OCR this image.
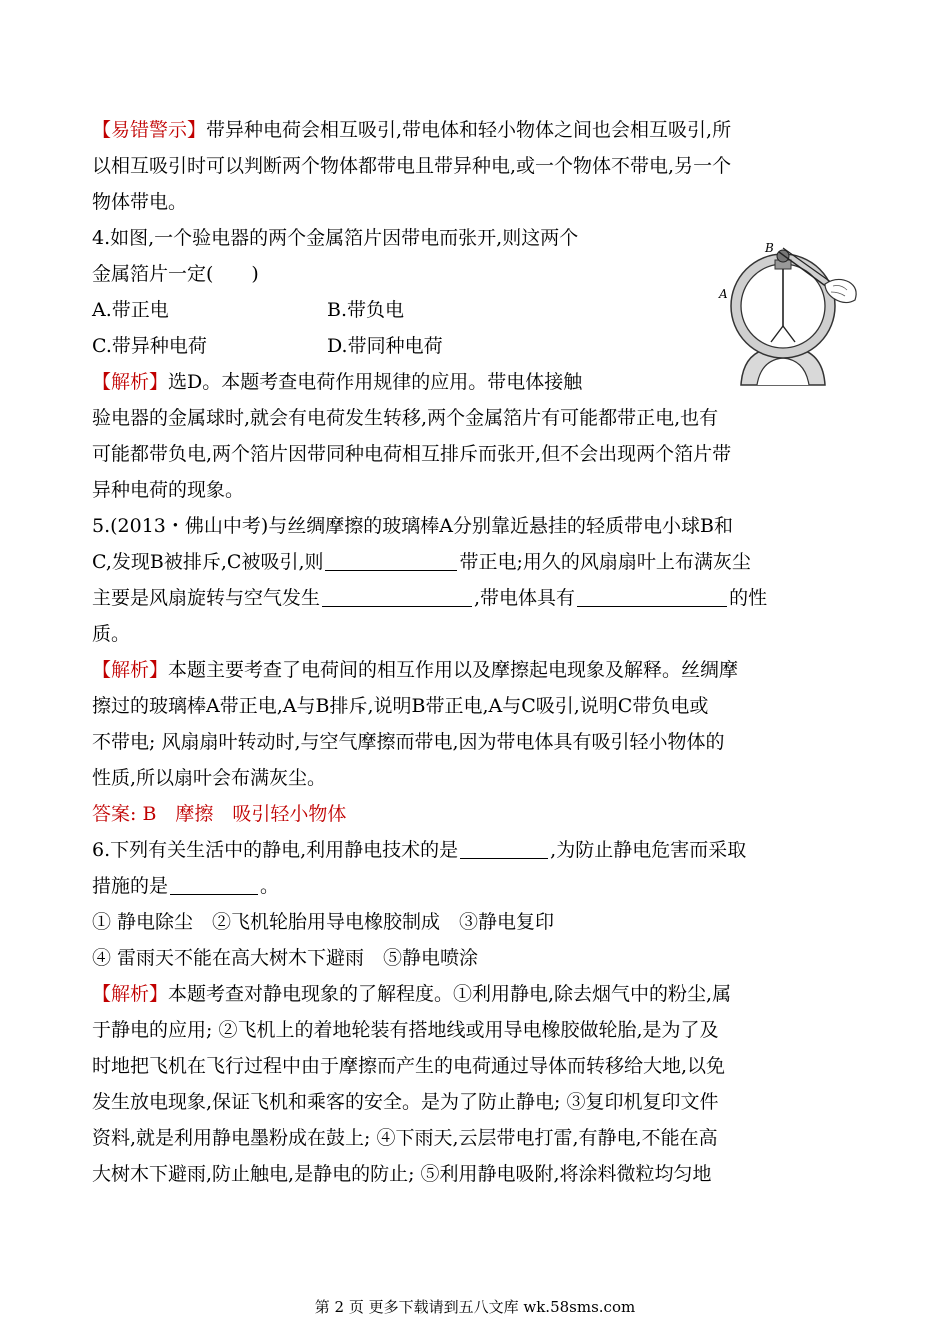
【易错警示】带异种电荷会相互吸引,带电体和轻小物体之间也会相互吸引,所
以相互吸引时可以判断两个物体都带电且带异种电,或一个物体不带电,另一个
物体带电。
4.如图,一个验电器的两个金属箔片因带电而张开,则这两个
金属箔片一定(　　)
A.带正电	B.带负电
C.带异种电荷	D.带同种电荷
【解析】选D。本题考查电荷作用规律的应用。带电体接触
验电器的金属球时,就会有电荷发生转移,两个金属箔片有可能都带正电,也有
可能都带负电,两个箔片因带同种电荷相互排斥而张开,但不会出现两个箔片带
异种电荷的现象。
5.(2013・佛山中考)与丝绸摩擦的玻璃棒A分别靠近悬挂的轻质带电小球B和
C,发现B被排斥,C被吸引,则	带正电;用久的风扇扇叶上布满灰尘
主要是风扇旋转与空气发生	,带电体具有	的性
质。
【解析】本题主要考查了电荷间的相互作用以及摩擦起电现象及解释。丝绸摩
擦过的玻璃棒A带正电,A与B排斥,说明B带正电,A与C吸引,说明C带负电或
不带电; 风扇扇叶转动时,与空气摩擦而带电,因为带电体具有吸引轻小物体的
性质,所以扇叶会布满灰尘。
答案: B　摩擦　吸引轻小物体
6.下列有关生活中的静电,利用静电技术的是	,为防止静电危害而采取
措施的是	。
① 静电除尘　②飞机轮胎用导电橡胶制成　③静电复印
④ 雷雨天不能在高大树木下避雨　⑤静电喷涂
【解析】本题考查对静电现象的了解程度。①利用静电,除去烟气中的粉尘,属
于静电的应用; ②飞机上的着地轮装有搭地线或用导电橡胶做轮胎,是为了及
时地把飞机在飞行过程中由于摩擦而产生的电荷通过导体而转移给大地,以免
发生放电现象,保证飞机和乘客的安全。是为了防止静电; ③复印机复印文件
资料,就是利用静电墨粉成在鼓上; ④下雨天,云层带电打雷,有静电,不能在高
大树木下避雨,防止触电,是静电的防止; ⑤利用静电吸附,将涂料微粒均匀地
A
B
第 2 页 更多下载请到五八文库 wk.58sms.com
